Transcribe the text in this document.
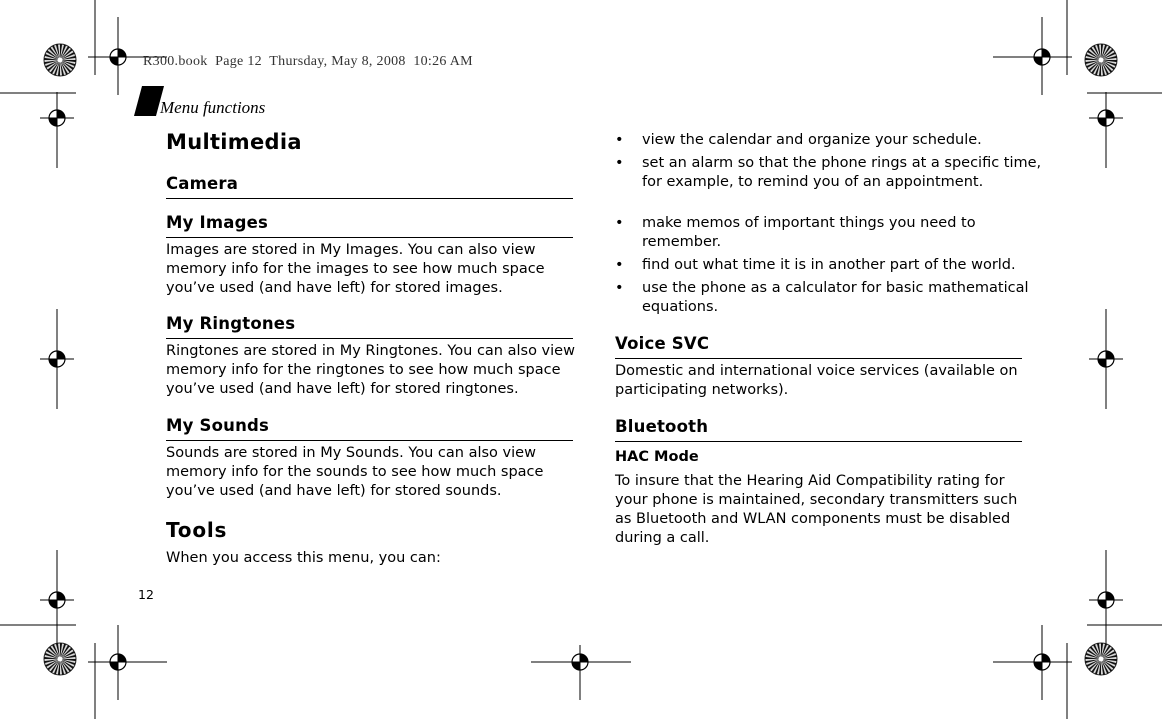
R300.book  Page 12  Thursday, May 8, 2008  10:26 AM
Menu functions
Multimedia
Camera
My Images

Images are stored in My Images. You can also view memory info for the images to see how much space you’ve used (and have left) for stored images.

My Ringtones

Ringtones are stored in My Ringtones. You can also view memory info for the ringtones to see how much space you’ve used (and have left) for stored ringtones.

My Sounds

Sounds are stored in My Sounds. You can also view memory info for the sounds to see how much space you’ve used (and have left) for stored sounds.

Tools

When you access this menu, you can:

• view the calendar and organize your schedule.
• set an alarm so that the phone rings at a specific time, for example, to remind you of an appointment.
• make memos of important things you need to remember.
• find out what time it is in another part of the world.
• use the phone as a calculator for basic mathematical equations.
Voice SVC

Domestic and international voice services (available on participating networks).

Bluetooth
HAC Mode

To insure that the Hearing Aid Compatibility rating for your phone is maintained, secondary transmitters such as Bluetooth and WLAN components must be disabled during a call.

12
